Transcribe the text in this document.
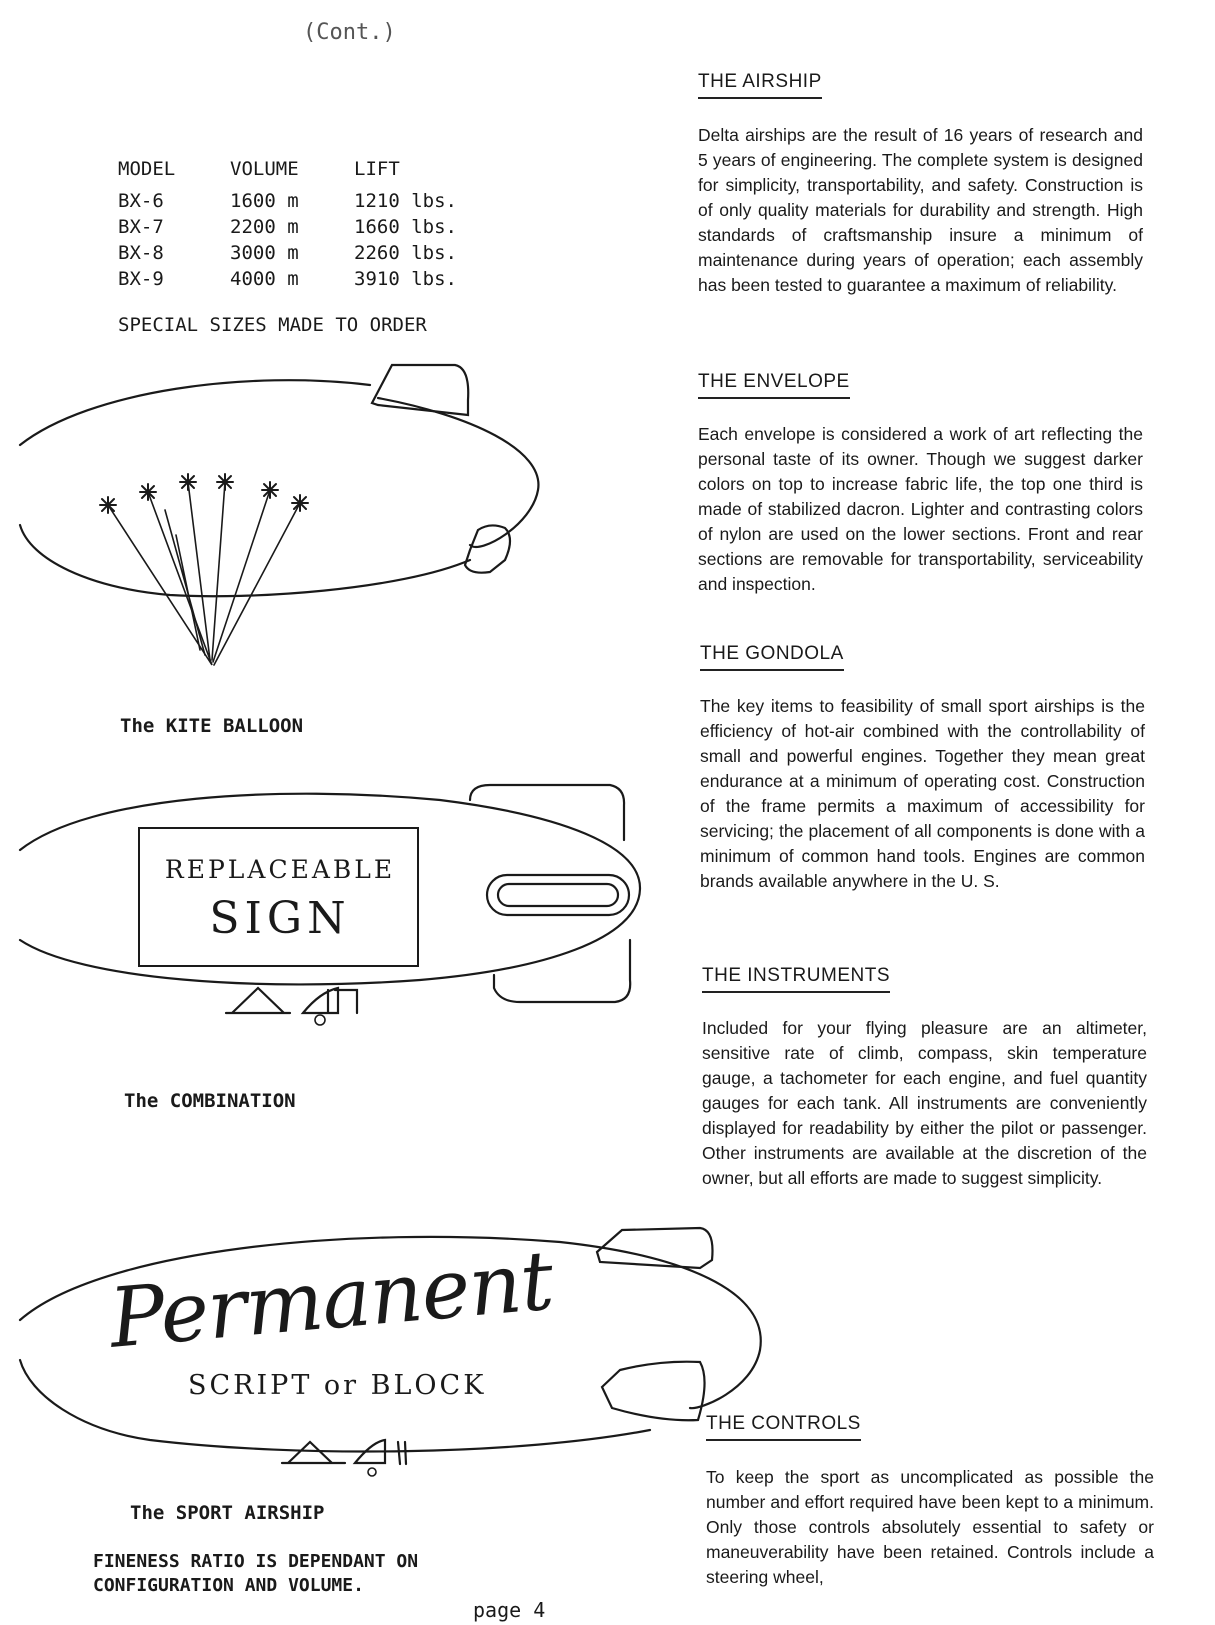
(Cont.)
MODEL	VOLUME	LIFT
BX-6	1600 m	1210 lbs.
BX-7	2200 m	1660 lbs.
BX-8	3000 m	2260 lbs.
BX-9	4000 m	3910 lbs.
SPECIAL SIZES MADE TO ORDER
The KITE BALLOON
REPLACEABLE
SIGN
The COMBINATION
Permanent
SCRIPT or BLOCK
The SPORT AIRSHIP
FINENESS RATIO IS DEPENDANT ON
CONFIGURATION AND VOLUME.
page 4
THE AIRSHIP
Delta airships are the result of 16 years of research and 5 years of engineering. The complete system is designed for simplicity, transportability, and safety. Construction is of only quality materials for durability and strength. High standards of craftsmanship insure a minimum of maintenance during years of operation; each assembly has been tested to guarantee a maximum of reliability.
THE ENVELOPE
Each envelope is considered a work of art reflecting the personal taste of its owner. Though we suggest darker colors on top to increase fabric life, the top one third is made of stabilized dacron. Lighter and contrasting colors of nylon are used on the lower sections. Front and rear sections are removable for transportability, serviceability and inspection.
THE GONDOLA
The key items to feasibility of small sport airships is the efficiency of hot-air combined with the controllability of small and powerful engines. Together they mean great endurance at a minimum of operating cost. Construction of the frame permits a maximum of accessibility for servicing; the placement of all components is done with a minimum of common hand tools. Engines are common brands available anywhere in the U. S.
THE INSTRUMENTS
Included for your flying pleasure are an altimeter, sensitive rate of climb, compass, skin temperature gauge, a tachometer for each engine, and fuel quantity gauges for each tank. All instruments are conveniently displayed for readability by either the pilot or passenger. Other instruments are available at the discretion of the owner, but all efforts are made to suggest simplicity.
THE CONTROLS
To keep the sport as uncomplicated as possible the number and effort required have been kept to a minimum. Only those controls absolutely essential to safety or maneuverability have been retained. Controls include a steering wheel,
